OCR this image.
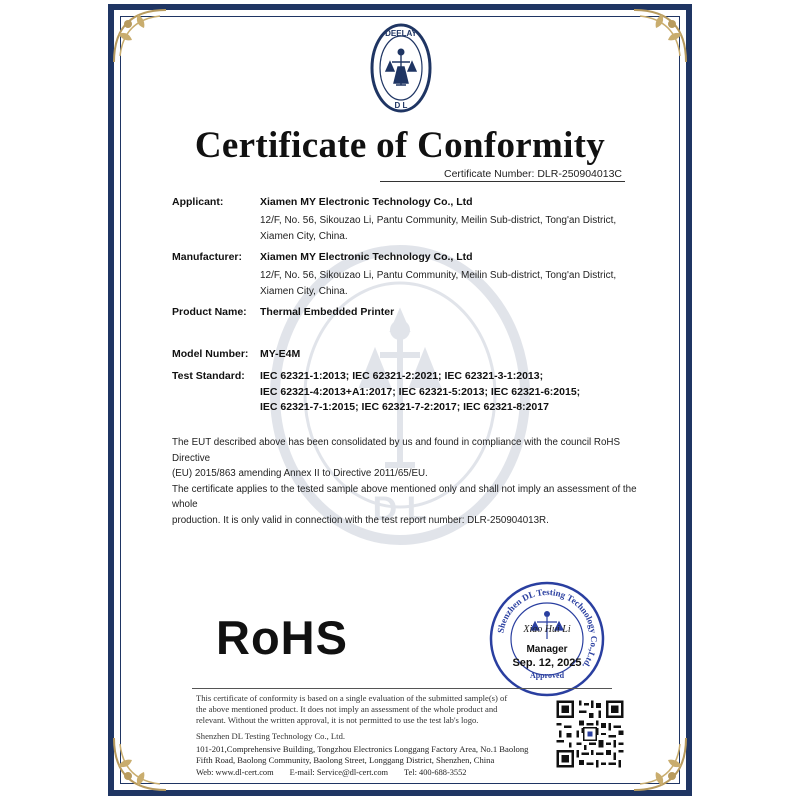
D L
DEELAY
D L
Certificate of Conformity
Certificate Number: DLR-250904013C
Applicant:	Xiamen MY Electronic Technology Co., Ltd
12/F, No. 56, Sikouzao Li, Pantu Community, Meilin Sub-district, Tong'an District,
Xiamen City, China.
Manufacturer: Xiamen MY Electronic Technology Co., Ltd
12/F, No. 56, Sikouzao Li, Pantu Community, Meilin Sub-district, Tong'an District,
Xiamen City, China.
Product Name: Thermal Embedded Printer
Model Number: MY-E4M
Test Standard: IEC 62321-1:2013; IEC 62321-2:2021; IEC 62321-3-1:2013;
IEC 62321-4:2013+A1:2017; IEC 62321-5:2013; IEC 62321-6:2015;
IEC 62321-7-1:2015; IEC 62321-7-2:2017; IEC 62321-8:2017
The EUT described above has been consolidated by us and found in compliance with the council RoHS Directive
(EU) 2015/863 amending Annex II to Directive 2011/65/EU.
The certificate applies to the tested sample above mentioned only and shall not imply an assessment of the whole
production. It is only valid in connection with the test report number: DLR-250904013R.
RoHS	Shenzhen DL Testing Technology Co.,Ltd.
Xiao Hui Li
Manager
Sep. 12, 2025
Approved
This certificate of conformity is based on a single evaluation of the submitted sample(s) of
the above mentioned product. It does not imply an assessment of the whole product and
relevant. Without the written approval, it is not permitted to use the test lab's logo.
Shenzhen DL Testing Technology Co., Ltd.
101-201,Comprehensive Building, Tongzhou Electronics Longgang Factory Area, No.1 Baolong
Fifth Road, Baolong Community, Baolong Street, Longgang District, Shenzhen, China
Web: www.dl-cert.com E-mail: Service@dl-cert.com Tel: 400-688-3552
